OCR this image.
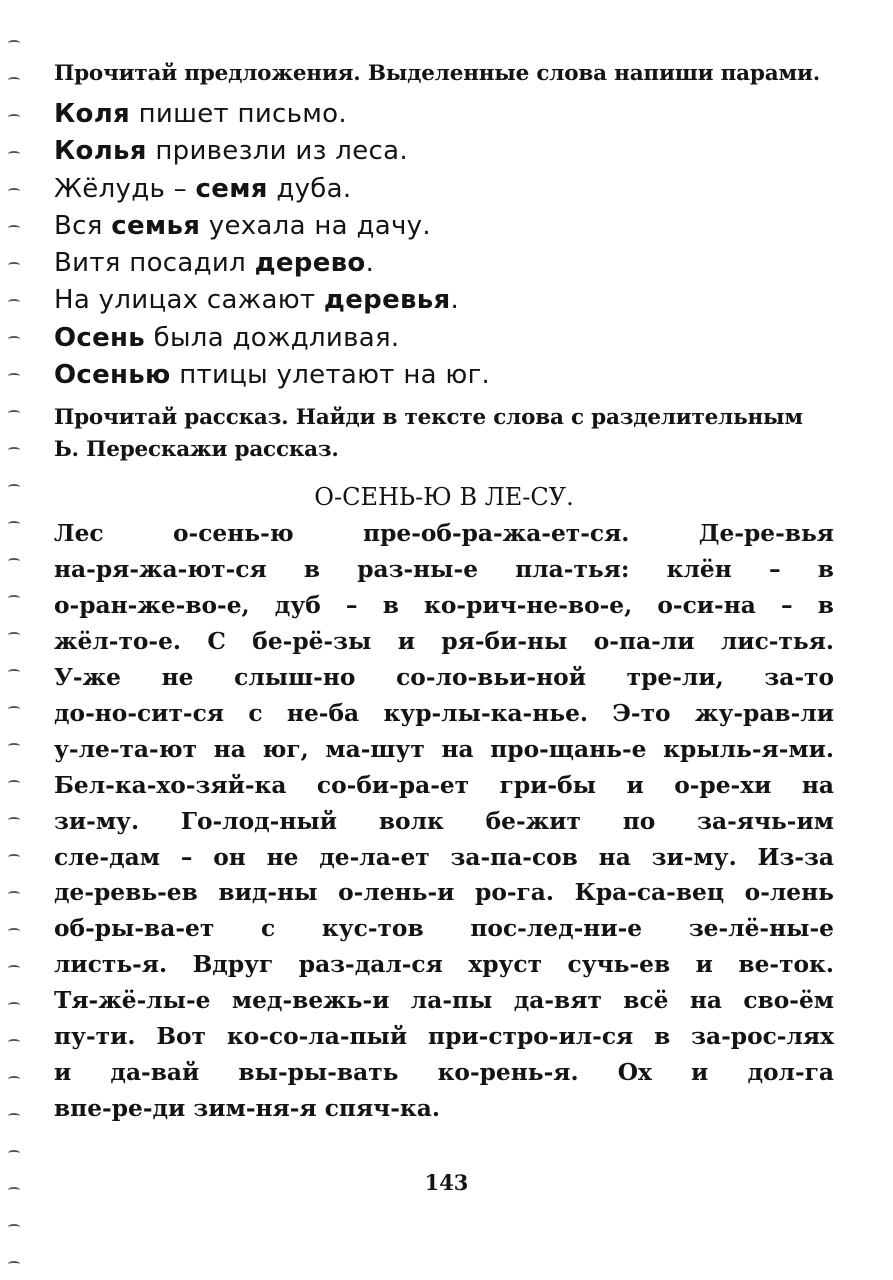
Прочитай предложения. Выделенные слова напиши парами.

Коля пишет письмо.

Колья привезли из леса.

Жёлудь – семя дуба.

Вся семья уехала на дачу.

Витя посадил дерево.

На улицах сажают деревья.

Осень была дождливая.

Осенью птицы улетают на юг.

Прочитай рассказ. Найди в тексте слова с разделительным Ь. Перескажи рассказ.

О-СЕНЬ-Ю В ЛЕ-СУ.
Лес о-сень-ю пре-об-ра-жа-ет-ся. Де-ре-вья
на-ря-жа-ют-ся в раз-ны-е пла-тья: клён – в
о-ран-же-во-е, дуб – в ко-рич-не-во-е, о-си-на – в
жёл-то-е. С бе-рё-зы и ря-би-ны о-па-ли лис-тья.
У-же не слыш-но со-ло-вьи-ной тре-ли, за-то
до-но-сит-ся с не-ба кур-лы-ка-нье. Э-то жу-рав-ли
у-ле-та-ют на юг, ма-шут на про-щань-е крыль-я-ми.
Бел-ка-хо-зяй-ка со-би-ра-ет гри-бы и о-ре-хи на
зи-му. Го-лод-ный волк бе-жит по за-ячь-им
сле-дам – он не де-ла-ет за-па-сов на зи-му. Из-за
де-ревь-ев вид-ны о-лень-и ро-га. Кра-са-вец о-лень
об-ры-ва-ет с кус-тов пос-лед-ни-е зе-лё-ны-е
листь-я. Вдруг раз-дал-ся хруст сучь-ев и ве-ток.
Тя-жё-лы-е мед-вежь-и ла-пы да-вят всё на сво-ём
пу-ти. Вот ко-со-ла-пый при-стро-ил-ся в за-рос-лях
и да-вай вы-ры-вать ко-рень-я. Ох и дол-га
впе-ре-ди зим-ня-я спяч-ка.
143
